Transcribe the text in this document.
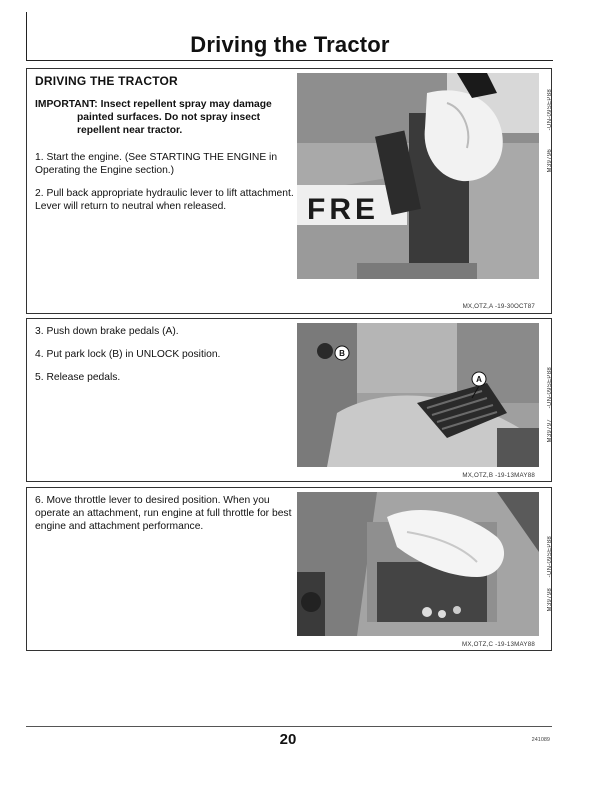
Driving the Tractor
DRIVING THE TRACTOR
IMPORTANT: Insect repellent spray may damage
painted surfaces. Do not spray insect
repellent near tractor.
1. Start the engine. (See STARTING THE ENGINE in Operating the Engine section.)
2. Pull back appropriate hydraulic lever to lift attachment. Lever will return to neutral when released.	FRE
M39796
-UN-09SEP88
MX,OTZ,A -19-30OCT87
3. Push down brake pedals (A).
4. Put park lock (B) in UNLOCK position.
5. Release pedals.
B
A
M39797
-UN-09SEP88
MX,OTZ,B -19-13MAY88
6. Move throttle lever to desired position. When you operate an attachment, run engine at full throttle for best engine and attachment performance.
M39798
-UN-09SEP88
MX,OTZ,C -19-13MAY88
20	241089
